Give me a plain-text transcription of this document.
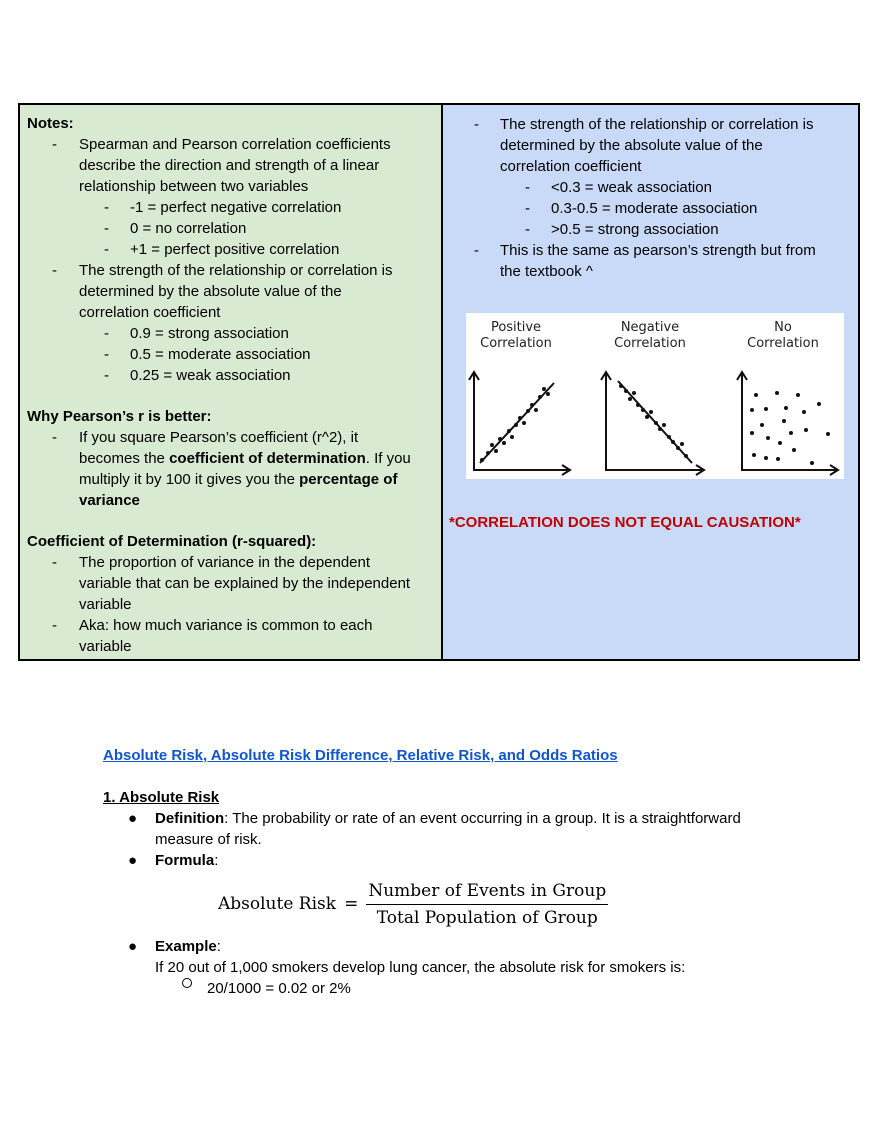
Notes:
- Spearman and Pearson correlation coefficients
describe the direction and strength of a linear
relationship between two variables
- -1 = perfect negative correlation
- 0 = no correlation
- +1 = perfect positive correlation
- The strength of the relationship or correlation is
determined by the absolute value of the
correlation coefficient
- 0.9 = strong association
- 0.5 = moderate association
- 0.25 = weak association
Why Pearson’s r is better:
- If you square Pearson’s coefficient (r^2), it
becomes the coefficient of determination. If you
multiply it by 100 it gives you the percentage of
variance
Coefficient of Determination (r-squared):
- The proportion of variance in the dependent
variable that can be explained by the independent
variable
- Aka: how much variance is common to each
variable
- The strength of the relationship or correlation is
determined by the absolute value of the
correlation coefficient
- <0.3 = weak association
- 0.3-0.5 = moderate association
- >0.5 = strong association
- This is the same as pearson’s strength but from
the textbook ^
*CORRELATION DOES NOT EQUAL CAUSATION*
Positive
Correlation
Negative
Correlation
No
Correlation
Absolute Risk, Absolute Risk Difference, Relative Risk, and Odds Ratios
1. Absolute Risk
● Definition: The probability or rate of an event occurring in a group. It is a straightforward
measure of risk.
● Formula:
Absolute Risk = $\frac{\text{Number of Events in Group}}{\text{Total Population of Group}}$
● Example:
If 20 out of 1,000 smokers develop lung cancer, the absolute risk for smokers is:
20/1000 = 0.02 or 2%
